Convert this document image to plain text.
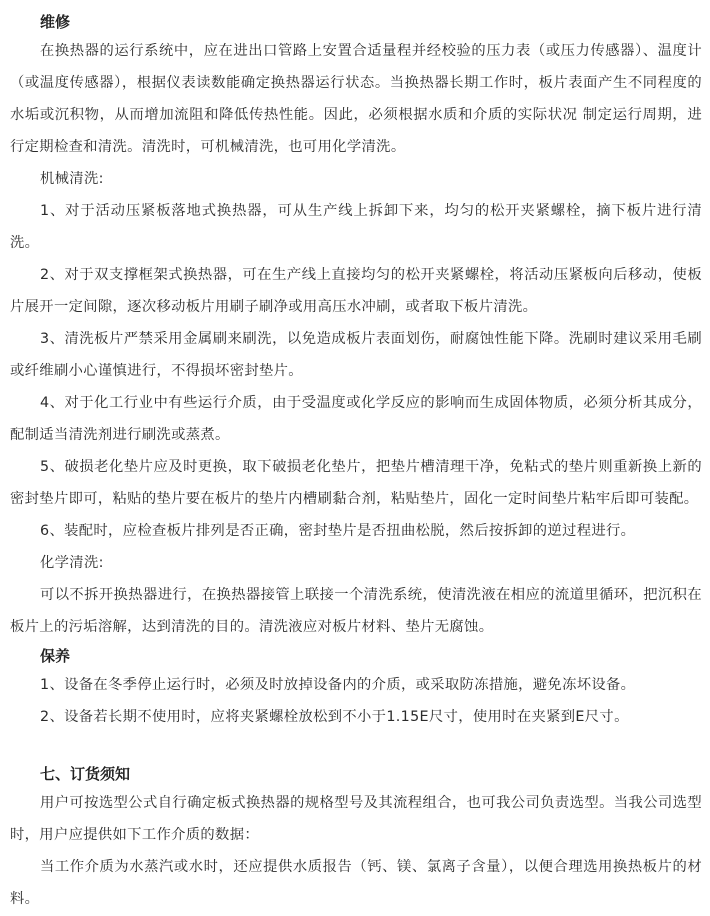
维修

在换热器的运行系统中，应在进出口管路上安置合适量程并经校验的压力表（或压力传感器）、温度计（或温度传感器），根据仪表读数能确定换热器运行状态。当换热器长期工作时，板片表面产生不同程度的水垢或沉积物，从而增加流阻和降低传热性能。因此，必须根据水质和介质的实际状况 制定运行周期，进行定期检查和清洗。清洗时，可机械清洗，也可用化学清洗。

机械清洗:

1、对于活动压紧板落地式换热器，可从生产线上拆卸下来，均匀的松开夹紧螺栓，摘下板片进行清洗。

2、对于双支撑框架式换热器，可在生产线上直接均匀的松开夹紧螺栓，将活动压紧板向后移动，使板片展开一定间隙，逐次移动板片用刷子刷净或用高压水冲刷，或者取下板片清洗。

3、清洗板片严禁采用金属刷来刷洗，以免造成板片表面划伤，耐腐蚀性能下降。洗刷时建议采用毛刷或纤维刷小心谨慎进行，不得损坏密封垫片。

4、对于化工行业中有些运行介质，由于受温度或化学反应的影响而生成固体物质，必须分析其成分，配制适当清洗剂进行刷洗或蒸煮。

5、破损老化垫片应及时更换，取下破损老化垫片，把垫片槽清理干净，免粘式的垫片则重新换上新的密封垫片即可，粘贴的垫片要在板片的垫片内槽刷黏合剂，粘贴垫片，固化一定时间垫片粘牢后即可装配。

6、装配时，应检查板片排列是否正确，密封垫片是否扭曲松脱，然后按拆卸的逆过程进行。

化学清洗:

可以不拆开换热器进行，在换热器接管上联接一个清洗系统，使清洗液在相应的流道里循环，把沉积在板片上的污垢溶解，达到清洗的目的。清洗液应对板片材料、垫片无腐蚀。

保养

1、设备在冬季停止运行时，必须及时放掉设备内的介质，或采取防冻措施，避免冻坏设备。

2、设备若长期不使用时，应将夹紧螺栓放松到不小于1.15E尺寸，使用时在夹紧到E尺寸。

七、订货须知

用户可按选型公式自行确定板式换热器的规格型号及其流程组合，也可我公司负责选型。当我公司选型时，用户应提供如下工作介质的数据：

当工作介质为水蒸汽或水时，还应提供水质报告（钙、镁、氯离子含量），以便合理选用换热板片的材料。
